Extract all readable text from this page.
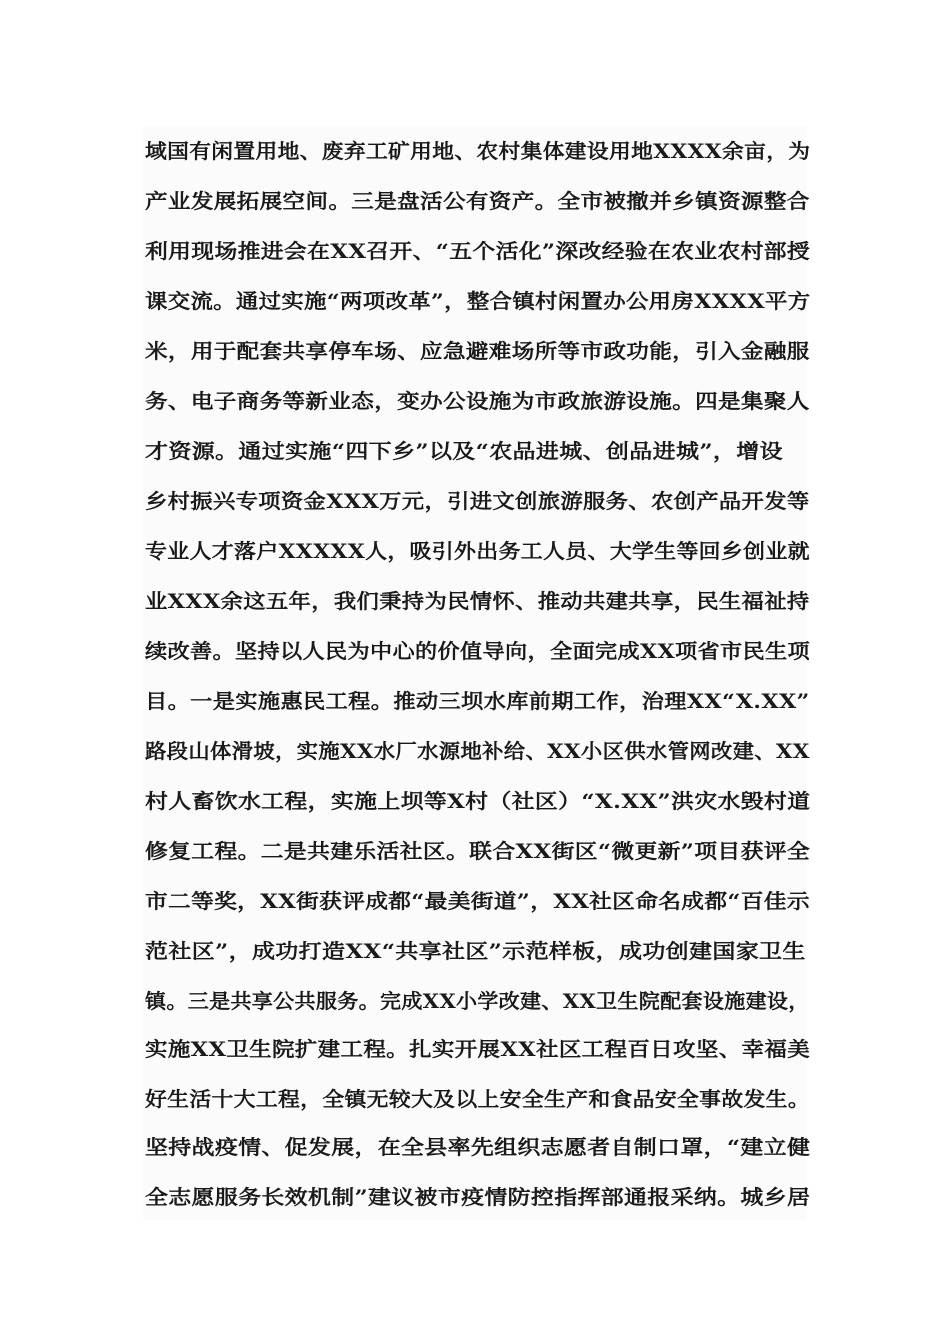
域国有闲置用地、废弃工矿用地、农村集体建设用地XXXX余亩，为
产业发展拓展空间。三是盘活公有资产。全市被撤并乡镇资源整合
利用现场推进会在XX召开、“五个活化”深改经验在农业农村部授
课交流。通过实施“两项改革”，整合镇村闲置办公用房XXXX平方
米，用于配套共享停车场、应急避难场所等市政功能，引入金融服
务、电子商务等新业态，变办公设施为市政旅游设施。四是集聚人
才资源。通过实施“四下乡”以及“农品进城、创品进城”，增设
乡村振兴专项资金XXX万元，引进文创旅游服务、农创产品开发等
专业人才落户XXXXX人，吸引外出务工人员、大学生等回乡创业就
业XXX余这五年，我们秉持为民情怀、推动共建共享，民生福祉持
续改善。坚持以人民为中心的价值导向，全面完成XX项省市民生项
目。一是实施惠民工程。推动三坝水库前期工作，治理XX“X.XX”
路段山体滑坡，实施XX水厂水源地补给、XX小区供水管网改建、XX
村人畜饮水工程，实施上坝等X村（社区）“X.XX”洪灾水毁村道
修复工程。二是共建乐活社区。联合XX街区“微更新”项目获评全
市二等奖，XX街获评成都“最美街道”，XX社区命名成都“百佳示
范社区”，成功打造XX“共享社区”示范样板，成功创建国家卫生
镇。三是共享公共服务。完成XX小学改建、XX卫生院配套设施建设，
实施XX卫生院扩建工程。扎实开展XX社区工程百日攻坚、幸福美
好生活十大工程，全镇无较大及以上安全生产和食品安全事故发生。
坚持战疫情、促发展，在全县率先组织志愿者自制口罩，“建立健
全志愿服务长效机制”建议被市疫情防控指挥部通报采纳。城乡居
